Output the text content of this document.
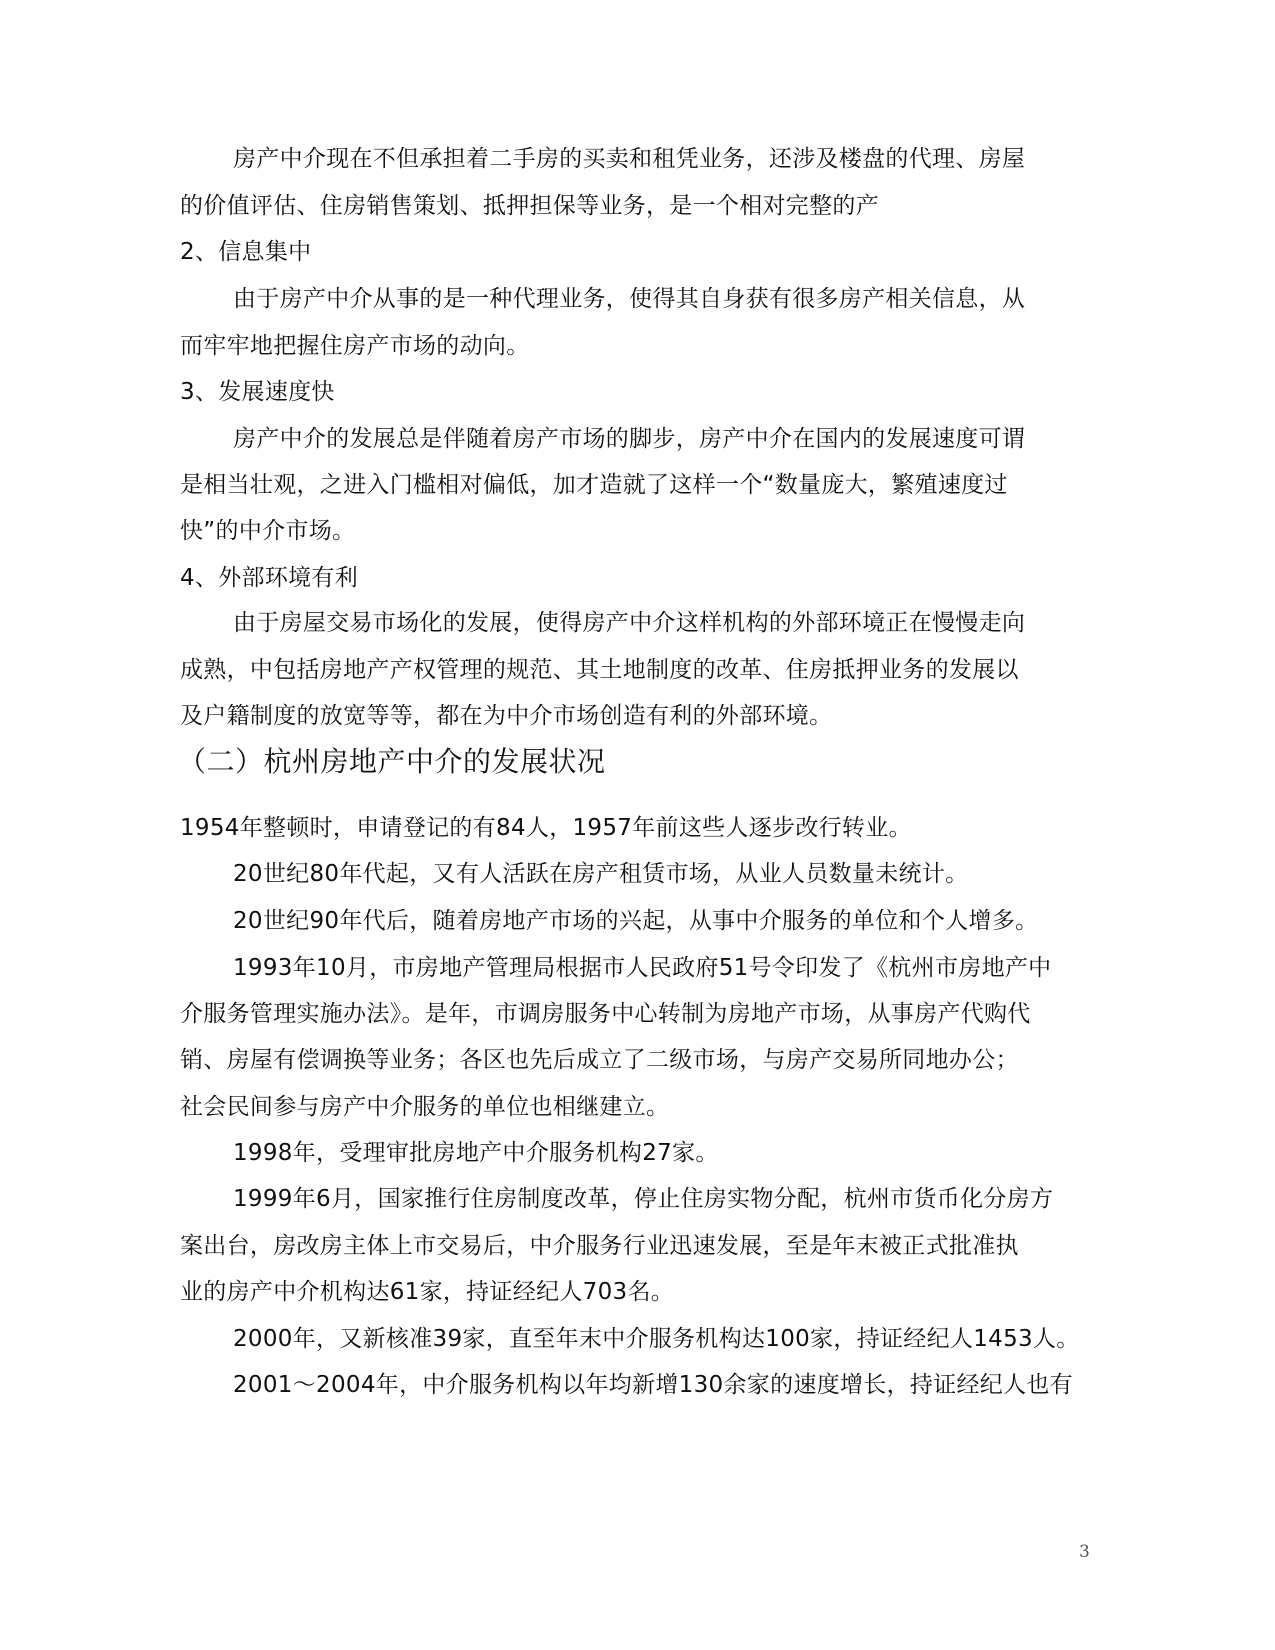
房产中介现在不但承担着二手房的买卖和租凭业务，还涉及楼盘的代理、房屋
的价值评估、住房销售策划、抵押担保等业务，是一个相对完整的产
2、信息集中
由于房产中介从事的是一种代理业务，使得其自身获有很多房产相关信息，从
而牢牢地把握住房产市场的动向。
3、发展速度快
房产中介的发展总是伴随着房产市场的脚步，房产中介在国内的发展速度可谓
是相当壮观，之进入门槛相对偏低，加才造就了这样一个“数量庞大，繁殖速度过
快”的中介市场。
4、外部环境有利
由于房屋交易市场化的发展，使得房产中介这样机构的外部环境正在慢慢走向
成熟，中包括房地产产权管理的规范、其土地制度的改革、住房抵押业务的发展以
及户籍制度的放宽等等，都在为中介市场创造有利的外部环境。
（二）杭州房地产中介的发展状况
1954年整顿时，申请登记的有84人，1957年前这些人逐步改行转业。
20世纪80年代起，又有人活跃在房产租赁市场，从业人员数量未统计。
20世纪90年代后，随着房地产市场的兴起，从事中介服务的单位和个人增多。
1993年10月，市房地产管理局根据市人民政府51号令印发了《杭州市房地产中
介服务管理实施办法》。是年，市调房服务中心转制为房地产市场，从事房产代购代
销、房屋有偿调换等业务；各区也先后成立了二级市场，与房产交易所同地办公；
社会民间参与房产中介服务的单位也相继建立。
1998年，受理审批房地产中介服务机构27家。
1999年6月，国家推行住房制度改革，停止住房实物分配，杭州市货币化分房方
案出台，房改房主体上市交易后，中介服务行业迅速发展，至是年末被正式批准执
业的房产中介机构达61家，持证经纪人703名。
2000年，又新核准39家，直至年末中介服务机构达100家，持证经纪人1453人。
2001～2004年，中介服务机构以年均新增130余家的速度增长，持证经纪人也有
3
